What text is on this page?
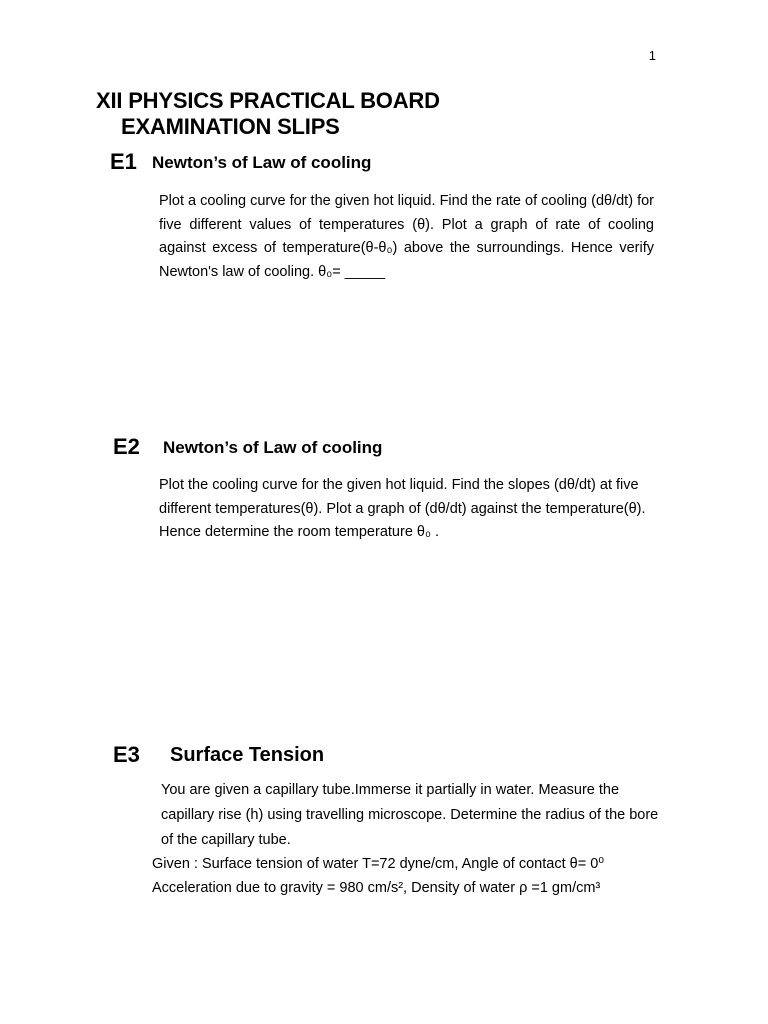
1
XII PHYSICS PRACTICAL BOARD
EXAMINATION SLIPS
E1 Newton’s of Law of cooling

Plot a cooling curve for the given hot liquid. Find the rate of cooling (dθ/dt) for five different values of temperatures (θ). Plot a graph of rate of cooling against excess of temperature(θ-θ₀) above the surroundings. Hence verify Newton's law of cooling. θ₀= _____

E2 Newton’s of Law of cooling

Plot the cooling curve for the given hot liquid. Find the slopes (dθ/dt) at five different temperatures(θ). Plot a graph of (dθ/dt) against the temperature(θ). Hence determine the room temperature θ₀ .

E3 Surface Tension

You are given a capillary tube.Immerse it partially in water. Measure the capillary rise (h) using travelling microscope. Determine the radius of the bore of the capillary tube.

Given : Surface tension of water T=72 dyne/cm, Angle of contact θ= 0⁰
Acceleration due to gravity = 980 cm/s², Density of water ρ =1 gm/cm³
